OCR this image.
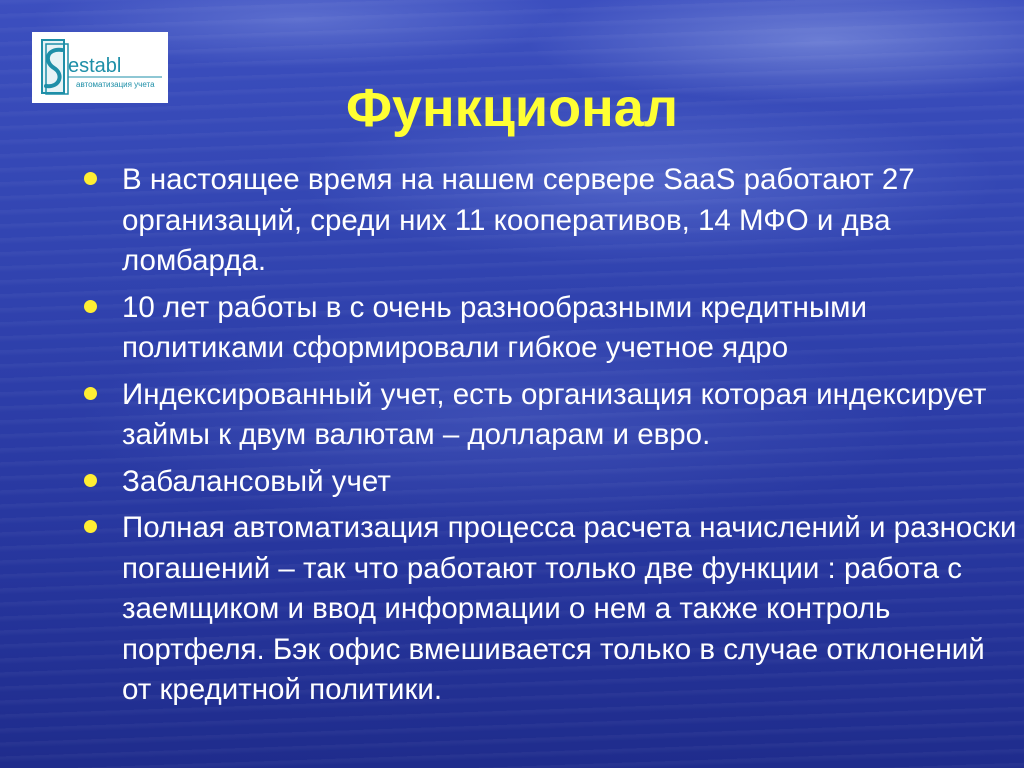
establ
автоматизация учета	Функционал
В настоящее время на нашем сервере SaaS работают 27 организаций, среди них 11 кооперативов, 14 МФО и два ломбарда.
10 лет работы в с очень разнообразными кредитными политиками сформировали гибкое учетное ядро
Индексированный учет, есть организация которая индексирует займы к двум валютам – долларам и евро.
Забалансовый учет
Полная автоматизация процесса расчета начислений и разноски погашений – так что работают только две функции : работа с заемщиком и ввод информации о нем а также контроль портфеля. Бэк офис вмешивается только в случае отклонений от кредитной политики.
